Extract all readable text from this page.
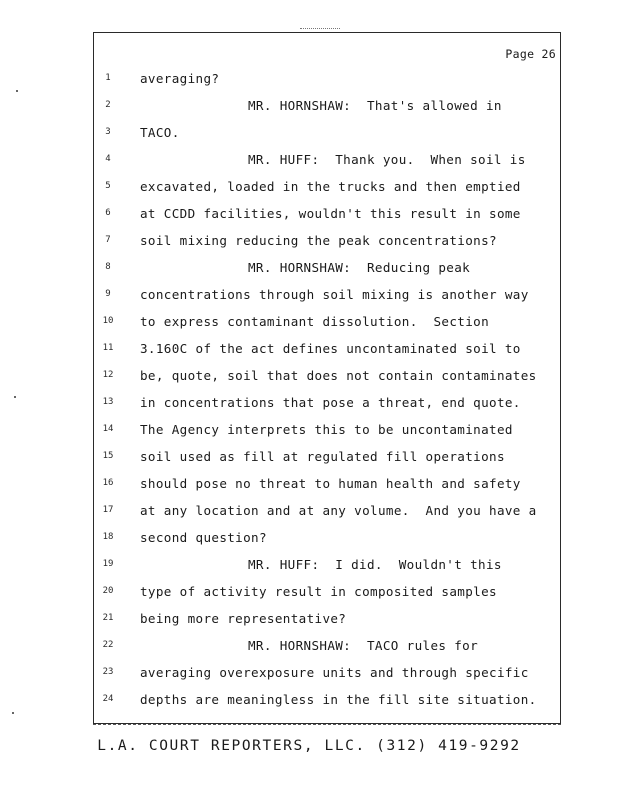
Page 26
1	averaging?
2	MR. HORNSHAW:  That's allowed in
3	TACO.
4	MR. HUFF:  Thank you.  When soil is
5	excavated, loaded in the trucks and then emptied
6	at CCDD facilities, wouldn't this result in some
7	soil mixing reducing the peak concentrations?
8	MR. HORNSHAW:  Reducing peak
9	concentrations through soil mixing is another way
10	to express contaminant dissolution.  Section
11	3.160C of the act defines uncontaminated soil to
12	be, quote, soil that does not contain contaminates
13	in concentrations that pose a threat, end quote.
14	The Agency interprets this to be uncontaminated
15	soil used as fill at regulated fill operations
16	should pose no threat to human health and safety
17	at any location and at any volume.  And you have a
18	second question?
19	MR. HUFF:  I did.  Wouldn't this
20	type of activity result in composited samples
21	being more representative?
22	MR. HORNSHAW:  TACO rules for
23	averaging overexposure units and through specific
24	depths are meaningless in the fill site situation.
L.A. COURT REPORTERS, LLC. (312) 419-9292
